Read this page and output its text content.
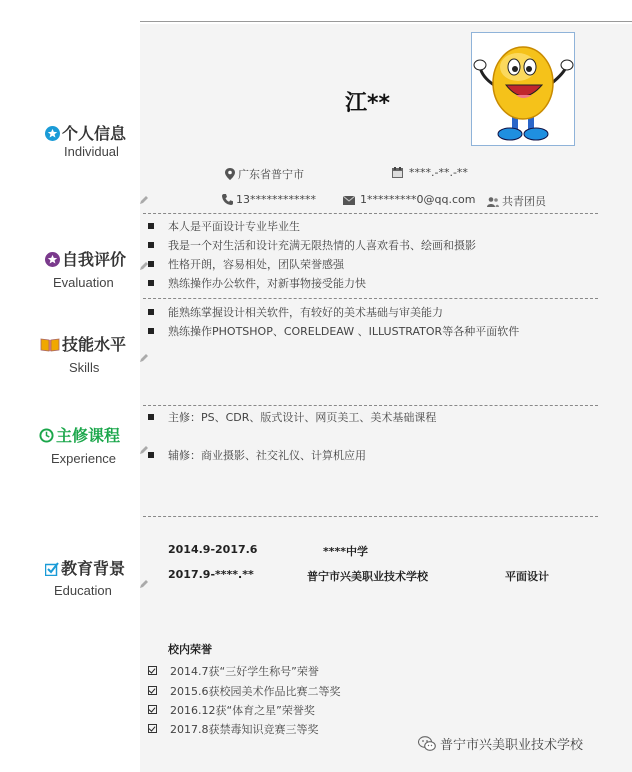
江**
个人信息
Individual
广东省普宁市	****.-**.-**
13************	1*********0@qq.com	共青团员
自我评价
Evaluation
本人是平面设计专业毕业生
我是一个对生活和设计充满无限热情的人喜欢看书、绘画和摄影
性格开朗，容易相处，团队荣誉感强
熟练操作办公软件，对新事物接受能力快
技能水平
Skills
能熟练掌握设计相关软件，有较好的美术基础与审美能力
熟练操作PHOTSHOP、CORELDEAW 、ILLUSTRATOR等各种平面软件
主修课程
Experience
主修：PS、CDR、版式设计、网页美工、美术基础课程
辅修：商业摄影、社交礼仪、计算机应用
教育背景
Education
2014.9-2017.6	****中学
2017.9-****.**	普宁市兴美职业技术学校	平面设计
校内荣誉
2014.7获“三好学生称号”荣誉
2015.6获校园美术作品比赛二等奖
2016.12获“体育之星”荣誉奖
2017.8获禁毒知识竞赛三等奖
普宁市兴美职业技术学校
